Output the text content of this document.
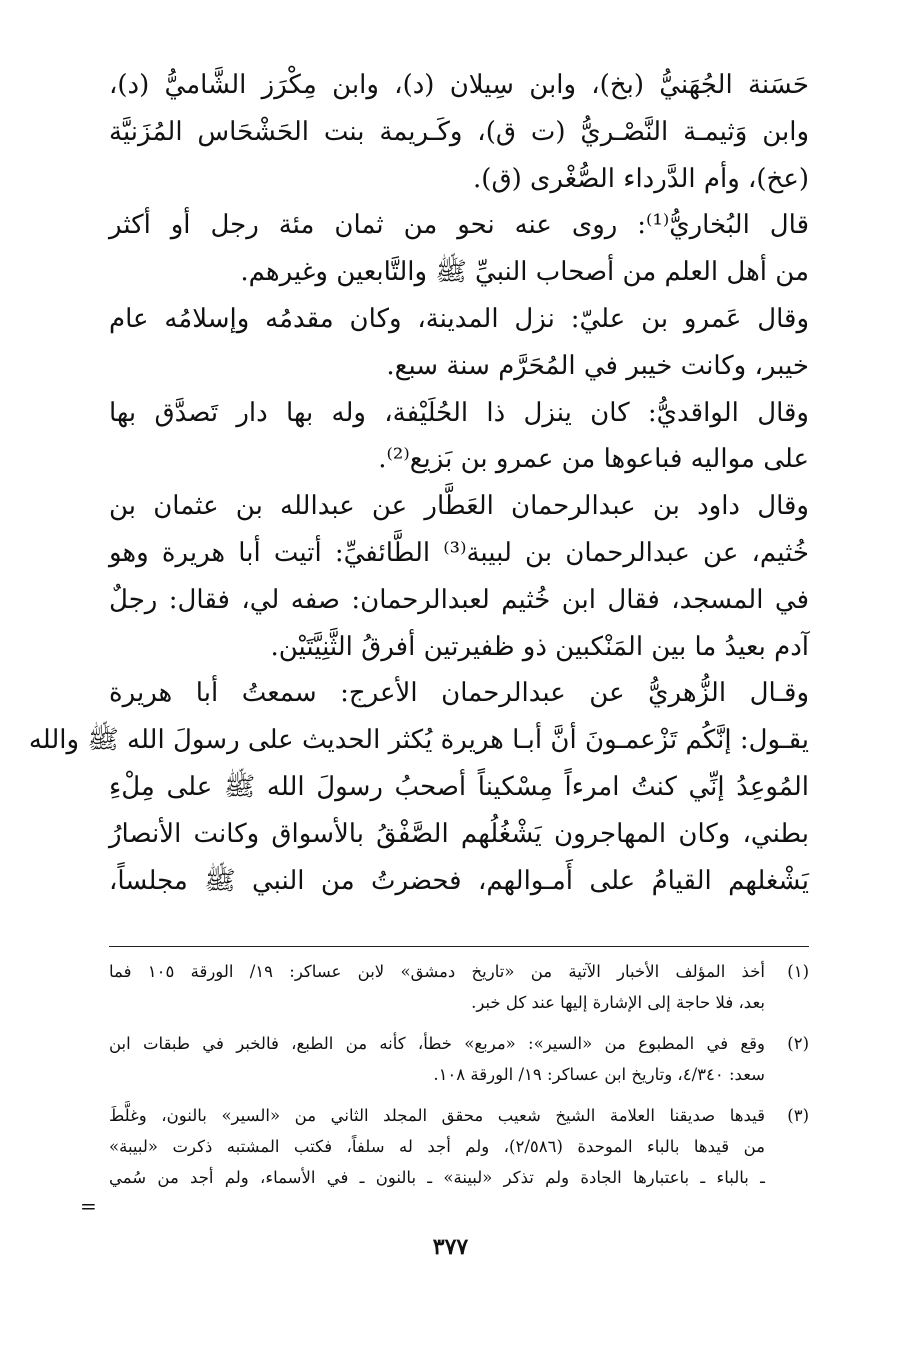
حَسَنة الجُهَنيُّ (بخ)، وابن سِيلان (د)، وابن مِكْرَز الشَّاميُّ (د)،
وابن وَثيمـة النَّصْـريُّ (ت ق)، وكَـريمة بنت الحَشْحَاس المُزَنيَّة
(عخ)، وأم الدَّرداء الصُّغْرى (ق).
قال البُخاريُّ⁽¹⁾: روى عنه نحو من ثمان مئة رجل أو أكثر
من أهل العلم من أصحاب النبيِّ ﷺ والتَّابعين وغيرهم.
وقال عَمرو بن عليّ: نزل المدينة، وكان مقدمُه وإسلامُه عام
خيبر، وكانت خيبر في المُحَرَّم سنة سبع.
وقال الواقديُّ: كان ينزل ذا الحُلَيْفة، وله بها دار تَصدَّق بها
على مواليه فباعوها من عمرو بن بَزيع⁽²⁾.
وقال داود بن عبدالرحمان العَطَّار عن عبدالله بن عثمان بن
خُثيم، عن عبدالرحمان بن لبيبة⁽³⁾ الطَّائفيِّ: أتيت أبا هريرة وهو
في المسجد، فقال ابن خُثيم لعبدالرحمان: صفه لي، فقال: رجلٌ
آدم بعيدُ ما بين المَنْكبين ذو ظفيرتين أفرقُ الثَّنِيَّتَيْن.
وقـال الزُّهريُّ عن عبدالرحمان الأعرج: سمعتُ أبا هريرة
يقـول: إنَّكُم تَزْعمـونَ أنَّ أبـا هريرة يُكثر الحديث على رسولَ الله ﷺ والله
المُوعِدُ إنِّي كنتُ امرءاً مِسْكيناً أصحبُ رسولَ الله ﷺ على مِلْءِ
بطني، وكان المهاجرون يَشْغُلُهم الصَّفْقُ بالأسواق وكانت الأنصارُ
يَشْغلهم القيامُ على أَمـوالهم، فحضرتُ من النبي ﷺ مجلساً،
(١)
أخذ المؤلف الأخبار الآتية من «تاريخ دمشق» لابن عساكر: ١٩/ الورقة ١٠٥ فما
بعد، فلا حاجة إلى الإشارة إليها عند كل خبر.
(٢)
وقع في المطبوع من «السير»: «مربع» خطأ، كأنه من الطبع، فالخبر في طبقات ابن
سعد: ٤/٣٤٠، وتاريخ ابن عساكر: ١٩/ الورقة ١٠٨.
(٣)
قيدها صديقنا العلامة الشيخ شعيب محقق المجلد الثاني من «السير» بالنون، وغلَّطَ
من قيدها بالباء الموحدة (٢/٥٨٦)، ولم أجد له سلفاً، فكتب المشتبه ذكرت «لبيبة»
ـ بالباء ـ باعتبارها الجادة ولم تذكر «لبينة» ـ بالنون ـ في الأسماء، ولم أجد من سُمي
=
٣٧٧
